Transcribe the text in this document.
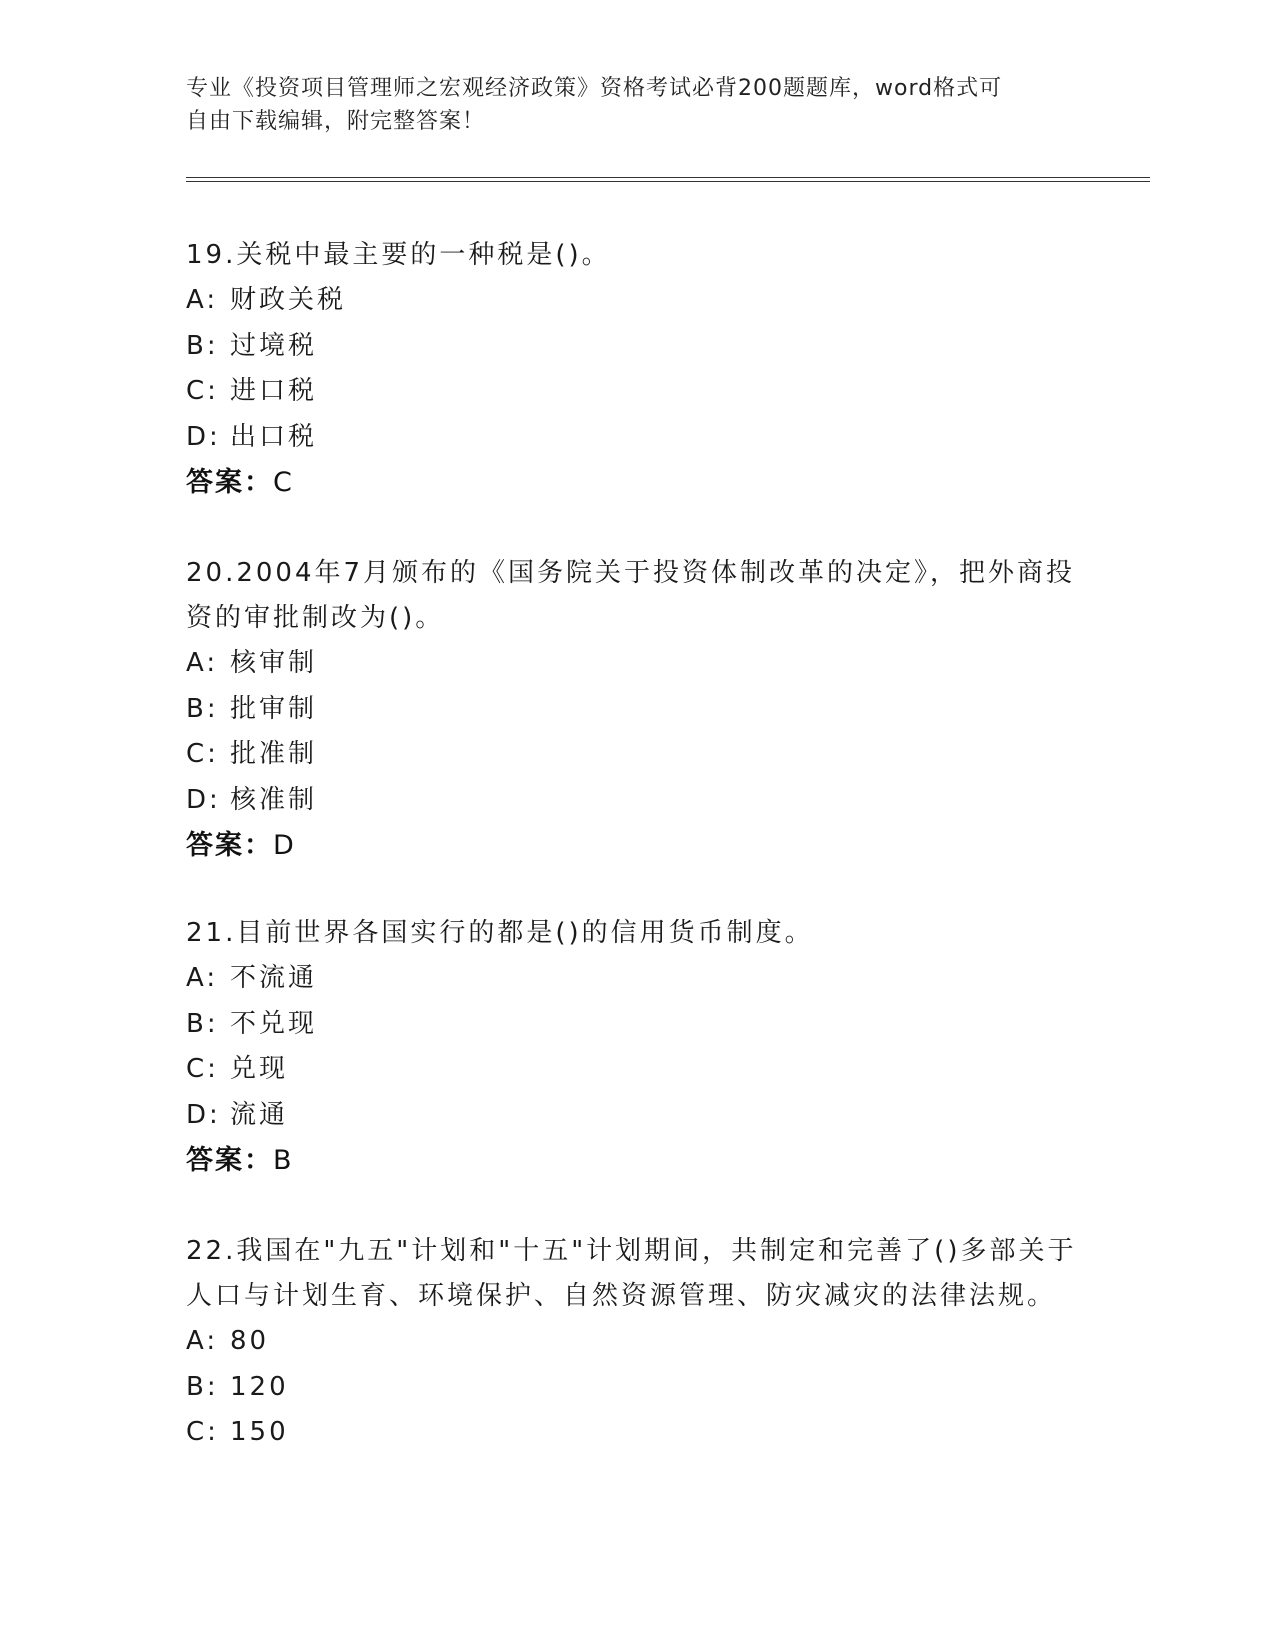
专业《投资项目管理师之宏观经济政策》资格考试必背200题题库，word格式可
自由下载编辑，附完整答案！
19.关税中最主要的一种税是()。
A: 财政关税
B: 过境税
C: 进口税
D: 出口税
答案：C
20.2004年7月颁布的《国务院关于投资体制改革的决定》，把外商投
资的审批制改为()。
A: 核审制
B: 批审制
C: 批准制
D: 核准制
答案：D
21.目前世界各国实行的都是()的信用货币制度。
A: 不流通
B: 不兑现
C: 兑现
D: 流通
答案：B
22.我国在"九五"计划和"十五"计划期间，共制定和完善了()多部关于
人口与计划生育、环境保护、自然资源管理、防灾减灾的法律法规。
A: 80
B: 120
C: 150
